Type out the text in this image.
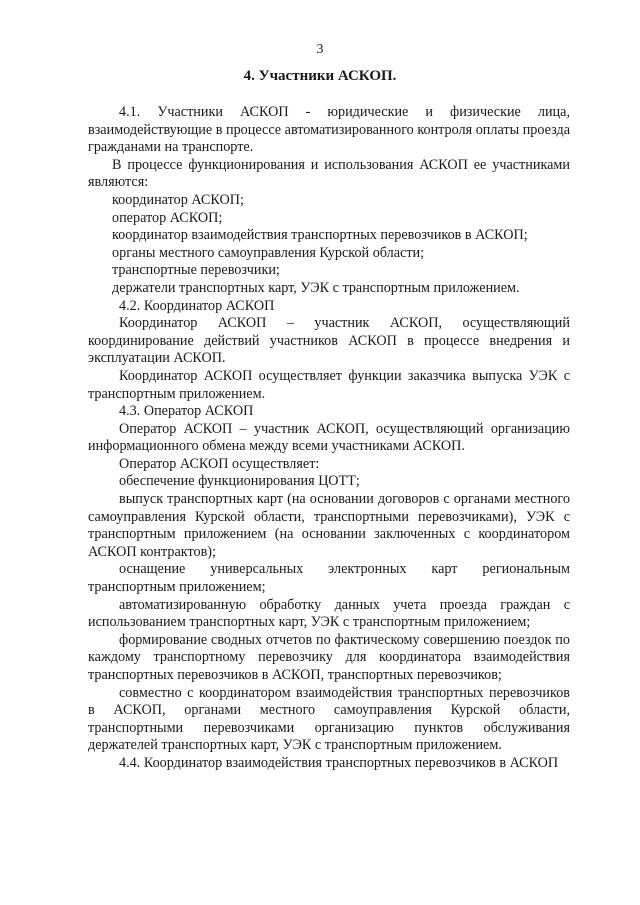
3
4. Участники АСКОП.

4.1. Участники АСКОП - юридические и физические лица, взаимодействующие в процессе автоматизированного контроля оплаты проезда гражданами на транспорте.

В процессе функционирования и использования АСКОП ее участниками являются:

координатор АСКОП;

оператор АСКОП;

координатор взаимодействия транспортных перевозчиков в АСКОП;

органы местного самоуправления Курской области;

транспортные перевозчики;

держатели транспортных карт, УЭК с транспортным приложением.

4.2. Координатор АСКОП

Координатор АСКОП – участник АСКОП, осуществляющий координирование действий участников АСКОП в процессе внедрения и эксплуатации АСКОП.

Координатор АСКОП осуществляет функции заказчика выпуска УЭК с транспортным приложением.

4.3. Оператор АСКОП

Оператор АСКОП – участник АСКОП, осуществляющий организацию информационного обмена между всеми участниками АСКОП.

Оператор АСКОП осуществляет:

обеспечение функционирования ЦОТТ;

выпуск транспортных карт (на основании договоров с органами местного самоуправления Курской области, транспортными перевозчиками), УЭК с транспортным приложением (на основании заключенных с координатором АСКОП контрактов);

оснащение универсальных электронных карт региональным транспортным приложением;

автоматизированную обработку данных учета проезда граждан с использованием транспортных карт, УЭК с транспортным приложением;

формирование сводных отчетов по фактическому совершению поездок по каждому транспортному перевозчику для координатора взаимодействия транспортных перевозчиков в АСКОП, транспортных перевозчиков;

совместно с координатором взаимодействия транспортных перевозчиков в АСКОП, органами местного самоуправления Курской области, транспортными перевозчиками организацию пунктов обслуживания держателей транспортных карт, УЭК с транспортным приложением.

4.4. Координатор взаимодействия транспортных перевозчиков в АСКОП
